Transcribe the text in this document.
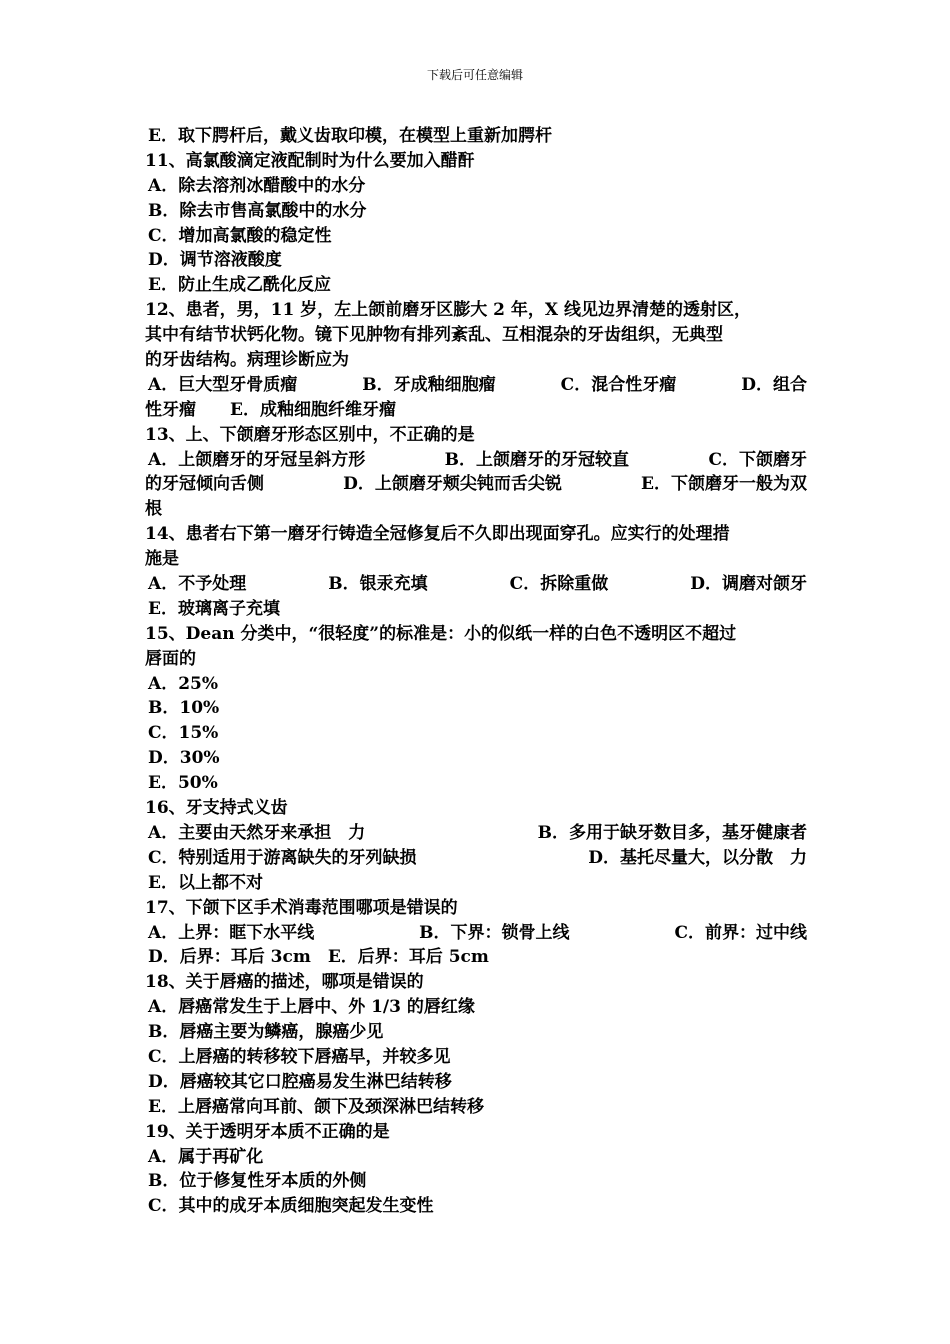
下载后可任意编辑
E．取下腭杆后，戴义齿取印模，在模型上重新加腭杆
11、高氯酸滴定液配制时为什么要加入醋酐
A．除去溶剂冰醋酸中的水分
B．除去市售高氯酸中的水分
C．增加高氯酸的稳定性
D．调节溶液酸度
E．防止生成乙酰化反应
12、患者，男，11 岁，左上颌前磨牙区膨大 2 年，X 线见边界清楚的透射区，
其中有结节状钙化物。镜下见肿物有排列紊乱、互相混杂的牙齿组织，无典型
的牙齿结构。病理诊断应为
A．巨大型牙骨质瘤	B．牙成釉细胞瘤	C．混合性牙瘤	D．组合
性牙瘤　　E．成釉细胞纤维牙瘤
13、上、下颌磨牙形态区别中，不正确的是
A．上颌磨牙的牙冠呈斜方形	B．上颌磨牙的牙冠较直	C．下颌磨牙
的牙冠倾向舌侧	D．上颌磨牙颊尖钝而舌尖锐	E．下颌磨牙一般为双
根
14、患者右下第一磨牙行铸造全冠修复后不久即出现面穿孔。应实行的处理措
施是
A．不予处理	B．银汞充填	C．拆除重做	D．调磨对颌牙
E．玻璃离子充填
15、Dean 分类中，“很轻度”的标准是：小的似纸一样的白色不透明区不超过
唇面的
A．25%
B．10%
C．15%
D．30%
E．50%
16、牙支持式义齿
A．主要由天然牙来承担　力	B．多用于缺牙数目多，基牙健康者
C．特别适用于游离缺失的牙列缺损	D．基托尽量大，以分散　力
E．以上都不对
17、下颌下区手术消毒范围哪项是错误的
A．上界：眶下水平线	B．下界：锁骨上线	C．前界：过中线
D．后界：耳后 3cm　E．后界：耳后 5cm
18、关于唇癌的描述，哪项是错误的
A．唇癌常发生于上唇中、外 1/3 的唇红缘
B．唇癌主要为鳞癌，腺癌少见
C．上唇癌的转移较下唇癌早，并较多见
D．唇癌较其它口腔癌易发生淋巴结转移
E．上唇癌常向耳前、颌下及颈深淋巴结转移
19、关于透明牙本质不正确的是
A．属于再矿化
B．位于修复性牙本质的外侧
C．其中的成牙本质细胞突起发生变性
